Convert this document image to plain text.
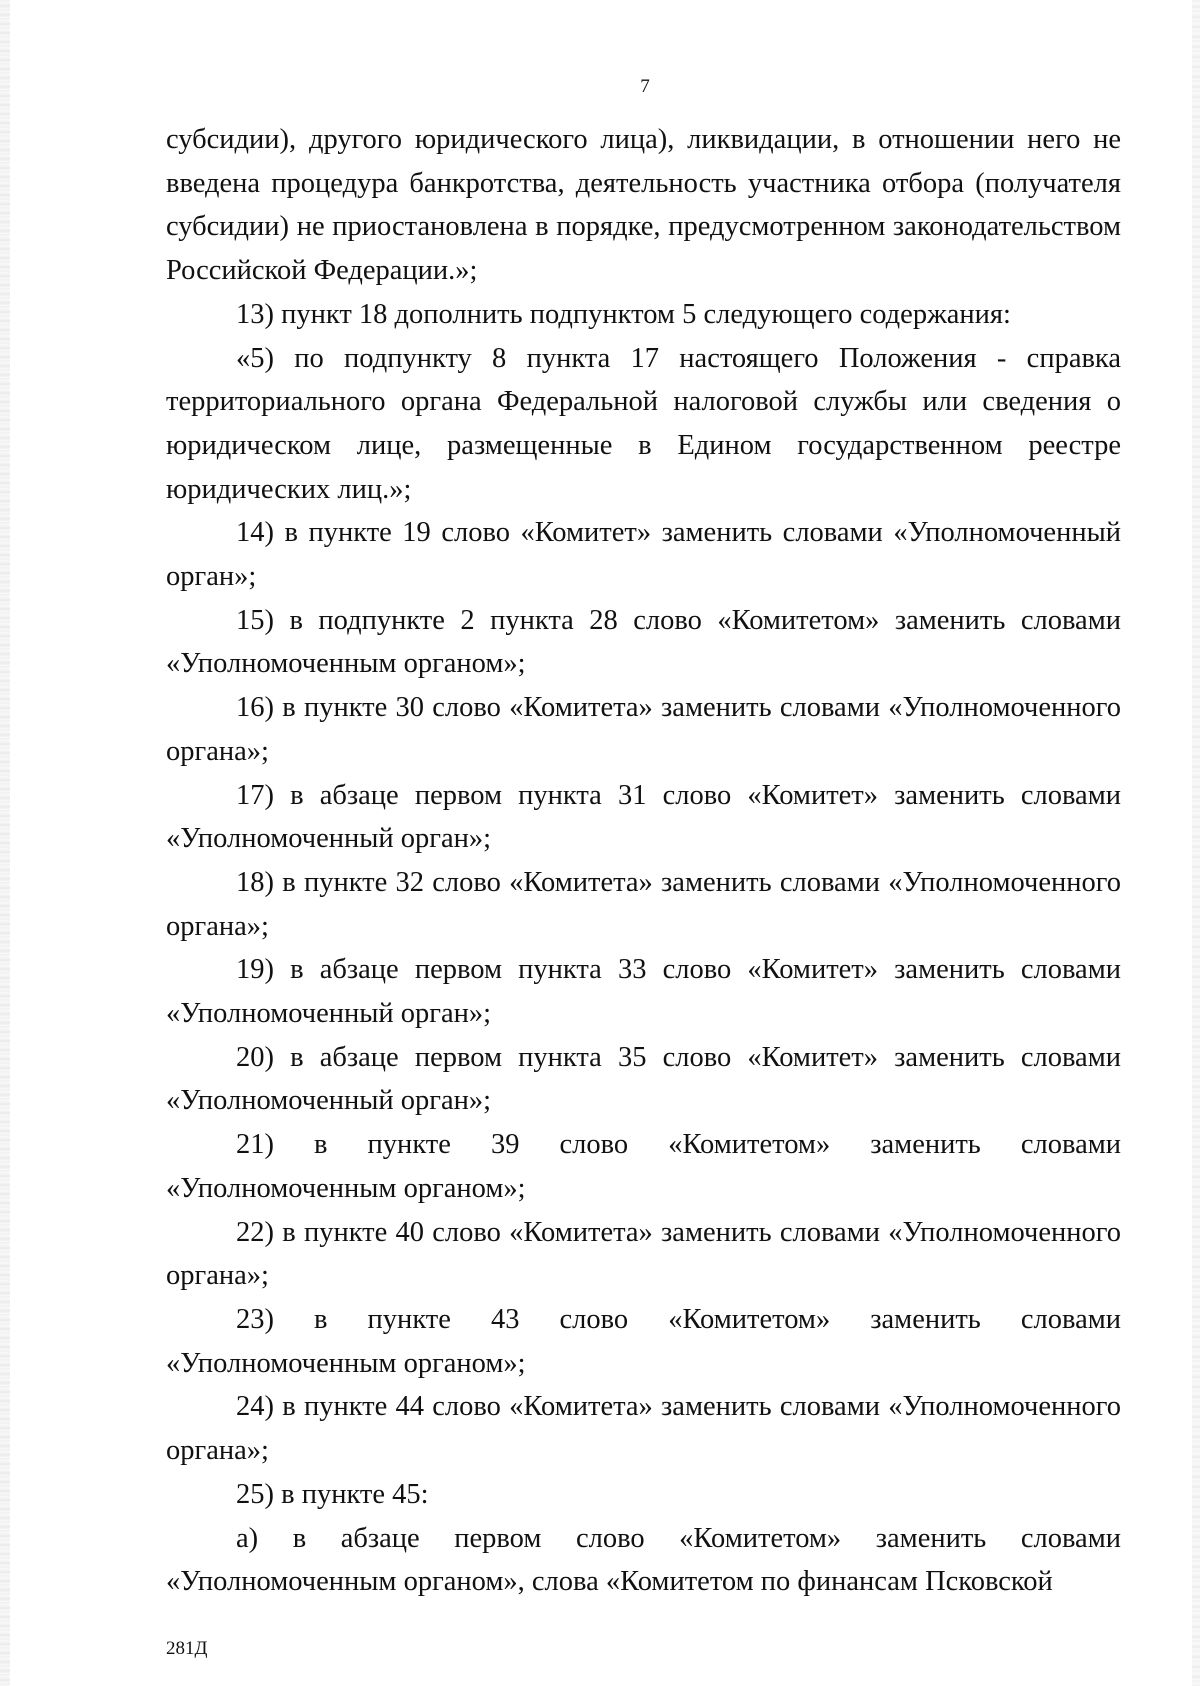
7

субсидии), другого юридического лица), ликвидации, в отношении него не введена процедура банкротства, деятельность участника отбора (получателя субсидии) не приостановлена в порядке, предусмотренном законодательством Российской Федерации.»;

13) пункт 18 дополнить подпунктом 5 следующего содержания:

«5) по подпункту 8 пункта 17 настоящего Положения - справка территориального органа Федеральной налоговой службы или сведения о юридическом лице, размещенные в Едином государственном реестре юридических лиц.»;

14) в пункте 19 слово «Комитет» заменить словами «Уполномоченный орган»;

15) в подпункте 2 пункта 28 слово «Комитетом» заменить словами «Уполномоченным органом»;

16) в пункте 30 слово «Комитета» заменить словами «Уполномоченного органа»;

17) в абзаце первом пункта 31 слово «Комитет» заменить словами «Уполномоченный орган»;

18) в пункте 32 слово «Комитета» заменить словами «Уполномоченного органа»;

19) в абзаце первом пункта 33 слово «Комитет» заменить словами «Уполномоченный орган»;

20) в абзаце первом пункта 35 слово «Комитет» заменить словами «Уполномоченный орган»;

21) в пункте 39 слово «Комитетом» заменить словами «Уполномоченным органом»;

22) в пункте 40 слово «Комитета» заменить словами «Уполномоченного органа»;

23) в пункте 43 слово «Комитетом» заменить словами «Уполномоченным органом»;

24) в пункте 44 слово «Комитета» заменить словами «Уполномоченного органа»;

25) в пункте 45:

а) в абзаце первом слово «Комитетом» заменить словами «Уполномоченным органом», слова «Комитетом по финансам Псковской

281Д
